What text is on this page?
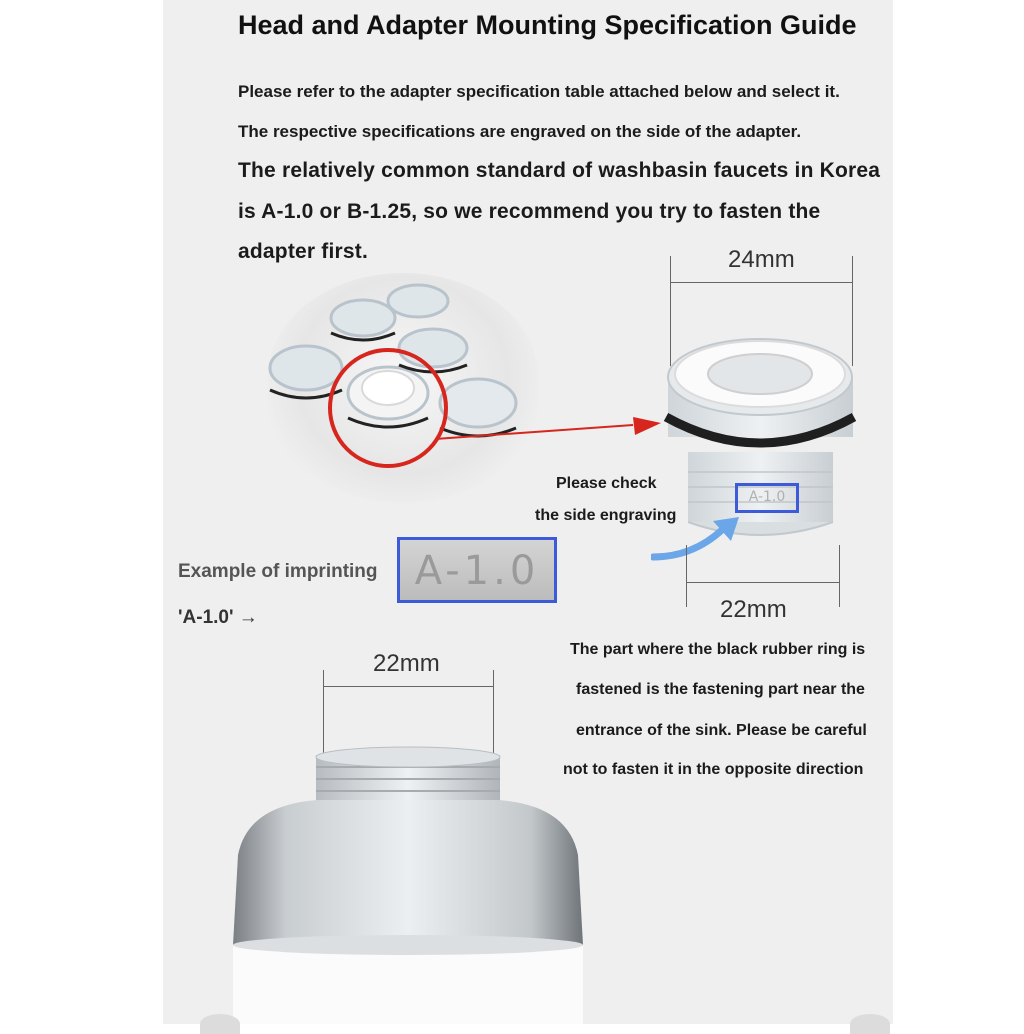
Head and Adapter Mounting Specification Guide
Please refer to the adapter specification table attached below and select it.
The respective specifications are engraved on the side of the adapter.
The relatively common standard of washbasin faucets in Korea
is A-1.0 or B-1.25, so we recommend you try to fasten the
adapter first.	24mm
A-1.0
Please check
the side engraving
22mm
Example of imprinting A-1.0
'A-1.0' →
The part where the black rubber ring is
fastened is the fastening part near the
entrance of the sink. Please be careful
not to fasten it in the opposite direction
22mm
